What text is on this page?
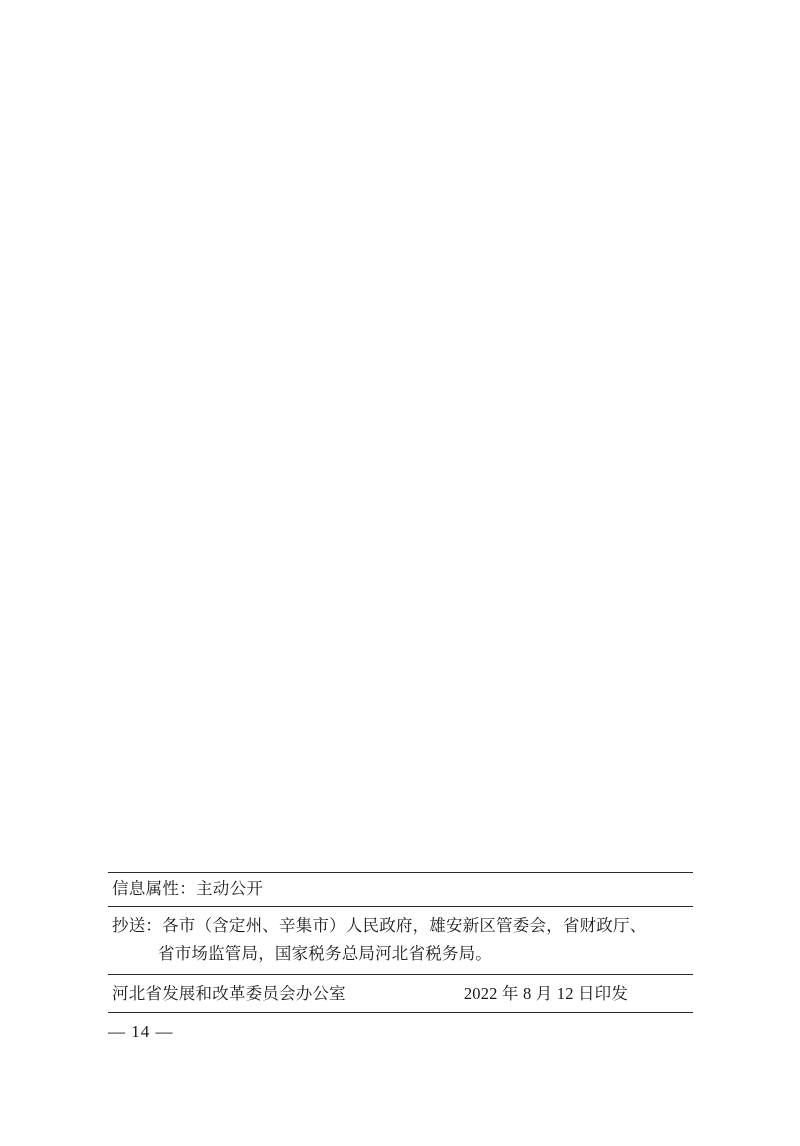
信息属性：主动公开
抄送：各市（含定州、辛集市）人民政府，雄安新区管委会，省财政厅、
省市场监管局，国家税务总局河北省税务局。
河北省发展和改革委员会办公室	2022 年 8 月 12 日印发
— 14 —
